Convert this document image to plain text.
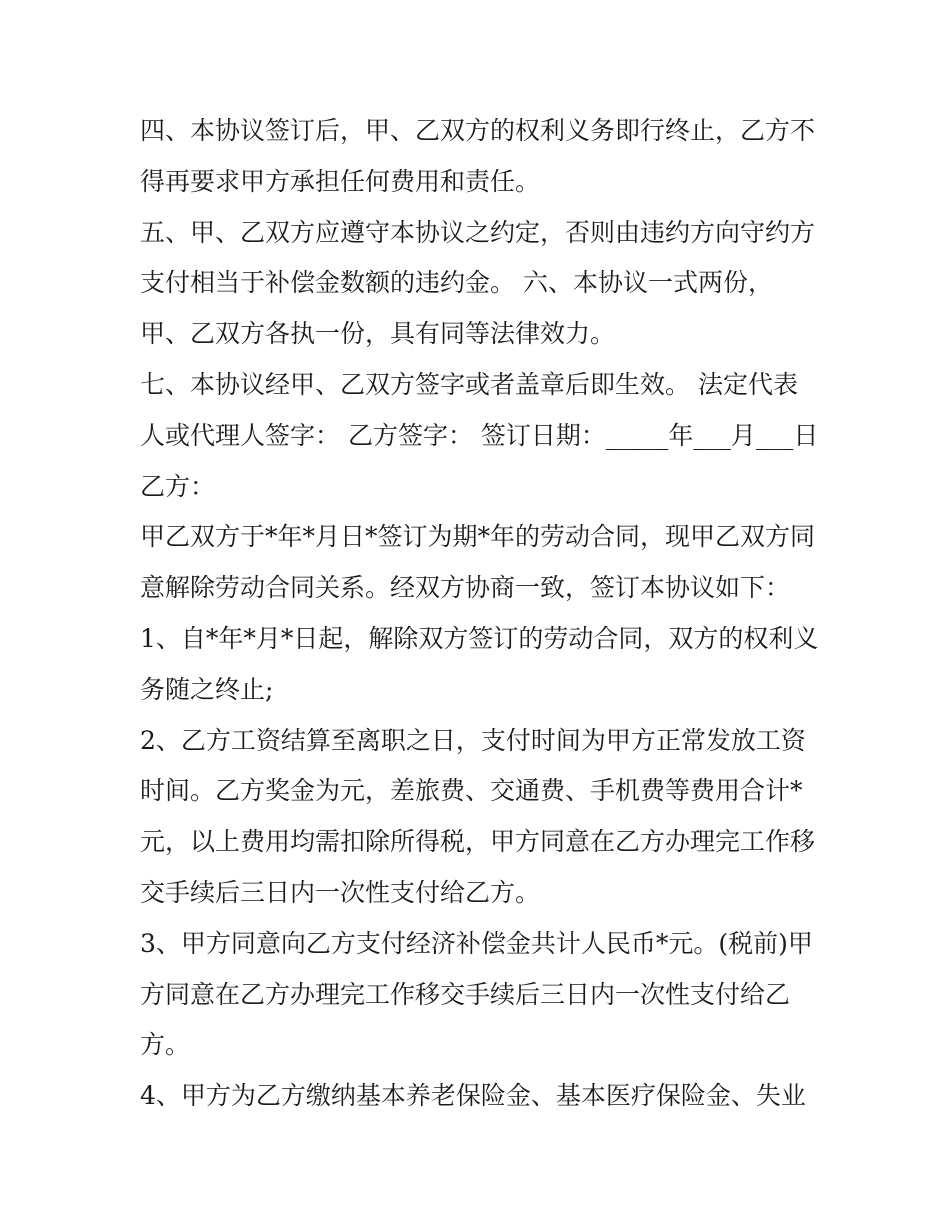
四、本协议签订后，甲、乙双方的权利义务即行终止，乙方不
得再要求甲方承担任何费用和责任。
五、甲、乙双方应遵守本协议之约定，否则由违约方向守约方
支付相当于补偿金数额的违约金。 六、本协议一式两份，
甲、乙双方各执一份，具有同等法律效力。
七、本协议经甲、乙双方签字或者盖章后即生效。 法定代表
人或代理人签字： 乙方签字： 签订日期：_____年___月___日
乙方：
甲乙双方于*年*月日*签订为期*年的劳动合同，现甲乙双方同
意解除劳动合同关系。经双方协商一致，签订本协议如下：
1、自*年*月*日起，解除双方签订的劳动合同，双方的权利义
务随之终止;
2、乙方工资结算至离职之日，支付时间为甲方正常发放工资
时间。乙方奖金为元，差旅费、交通费、手机费等费用合计*
元，以上费用均需扣除所得税，甲方同意在乙方办理完工作移
交手续后三日内一次性支付给乙方。
3、甲方同意向乙方支付经济补偿金共计人民币*元。(税前)甲
方同意在乙方办理完工作移交手续后三日内一次性支付给乙
方。
4、甲方为乙方缴纳基本养老保险金、基本医疗保险金、失业
